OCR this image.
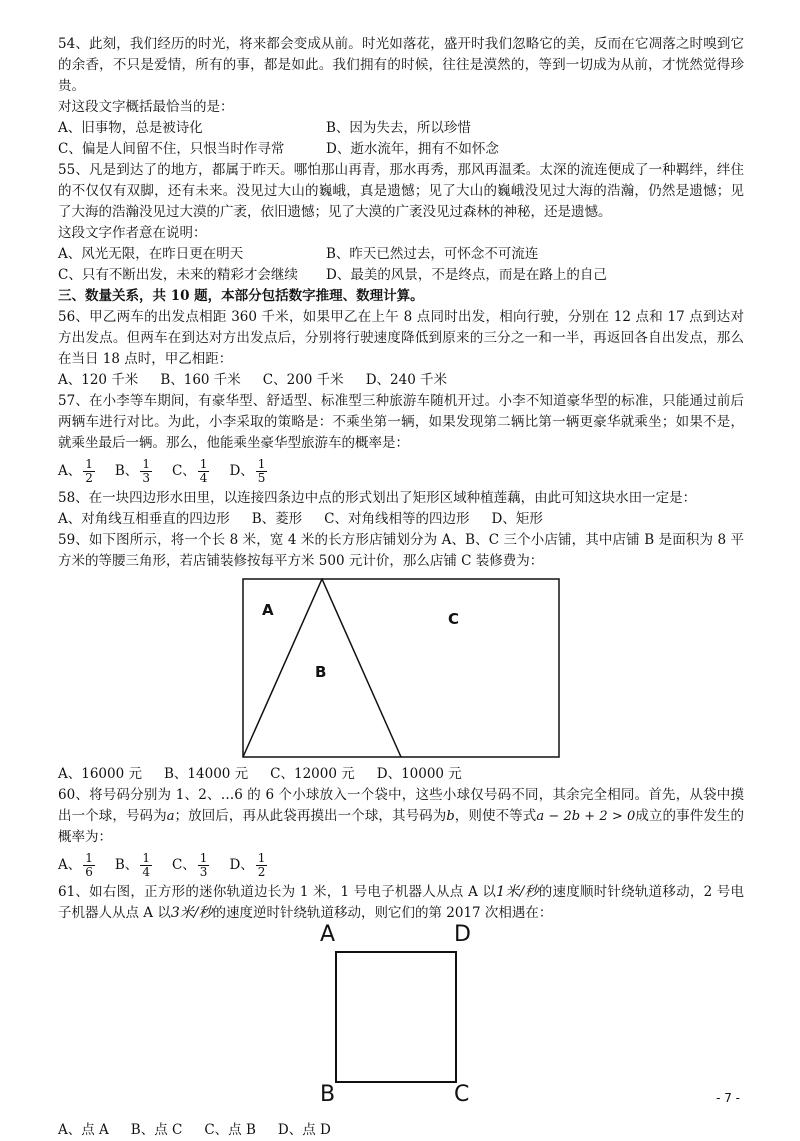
54、此刻，我们经历的时光，将来都会变成从前。时光如落花，盛开时我们忽略它的美，反而在它凋落之时嗅到它的余香，不只是爱情，所有的事，都是如此。我们拥有的时候，往往是漠然的，等到一切成为从前，才恍然觉得珍贵。

对这段文字概括最恰当的是：

A、旧事物，总是被诗化	B、因为失去，所以珍惜
C、偏是人间留不住，只恨当时作寻常	D、逝水流年，拥有不如怀念

55、凡是到达了的地方，都属于昨天。哪怕那山再青，那水再秀，那风再温柔。太深的流连便成了一种羁绊，绊住的不仅仅有双脚，还有未来。没见过大山的巍峨，真是遗憾；见了大山的巍峨没见过大海的浩瀚，仍然是遗憾；见了大海的浩瀚没见过大漠的广袤，依旧遗憾；见了大漠的广袤没见过森林的神秘，还是遗憾。

这段文字作者意在说明：

A、风光无限，在昨日更在明天	B、昨天已然过去，可怀念不可流连
C、只有不断出发，未来的精彩才会继续	D、最美的风景，不是终点，而是在路上的自己

三、数量关系，共 10 题，本部分包括数字推理、数理计算。

56、甲乙两车的出发点相距 360 千米，如果甲乙在上午 8 点同时出发，相向行驶，分别在 12 点和 17 点到达对方出发点。但两车在到达对方出发点后，分别将行驶速度降低到原来的三分之一和一半，再返回各自出发点，那么在当日 18 点时，甲乙相距：

A、120 千米 B、160 千米 C、200 千米 D、240 千米

57、在小李等车期间，有豪华型、舒适型、标准型三种旅游车随机开过。小李不知道豪华型的标准，只能通过前后两辆车进行对比。为此，小李采取的策略是：不乘坐第一辆，如果发现第二辆比第一辆更豪华就乘坐；如果不是，就乘坐最后一辆。那么，他能乘坐豪华型旅游车的概率是：

A、 $\frac{1}{2}$ B、 $\frac{1}{3}$ C、 $\frac{1}{4}$ D、 $\frac{1}{5}$

58、在一块四边形水田里，以连接四条边中点的形式划出了矩形区域种植莲藕，由此可知这块水田一定是：

A、对角线互相垂直的四边形 B、菱形 C、对角线相等的四边形 D、矩形

59、如下图所示，将一个长 8 米，宽 4 米的长方形店铺划分为 A、B、C 三个小店铺，其中店铺 B 是面积为 8 平方米的等腰三角形，若店铺装修按每平方米 500 元计价，那么店铺 C 装修费为：

A
B
C
A、16000 元 B、14000 元 C、12000 元 D、10000 元

60、将号码分别为 1、2、…6 的 6 个小球放入一个袋中，这些小球仅号码不同，其余完全相同。首先，从袋中摸出一个球，号码为a；放回后，再从此袋再摸出一个球，其号码为b，则使不等式a − 2b + 2 > 0成立的事件发生的概率为：

A、 $\frac{1}{6}$ B、 $\frac{1}{4}$ C、 $\frac{1}{3}$ D、 $\frac{1}{2}$

61、如右图，正方形的迷你轨道边长为 1 米，1 号电子机器人从点 A 以1米/秒的速度顺时针绕轨道移动，2 号电子机器人从点 A 以3米/秒的速度逆时针绕轨道移动，则它们的第 2017 次相遇在：

A	D
B	C
A、点 A B、点 C C、点 B D、点 D
- 7 -
